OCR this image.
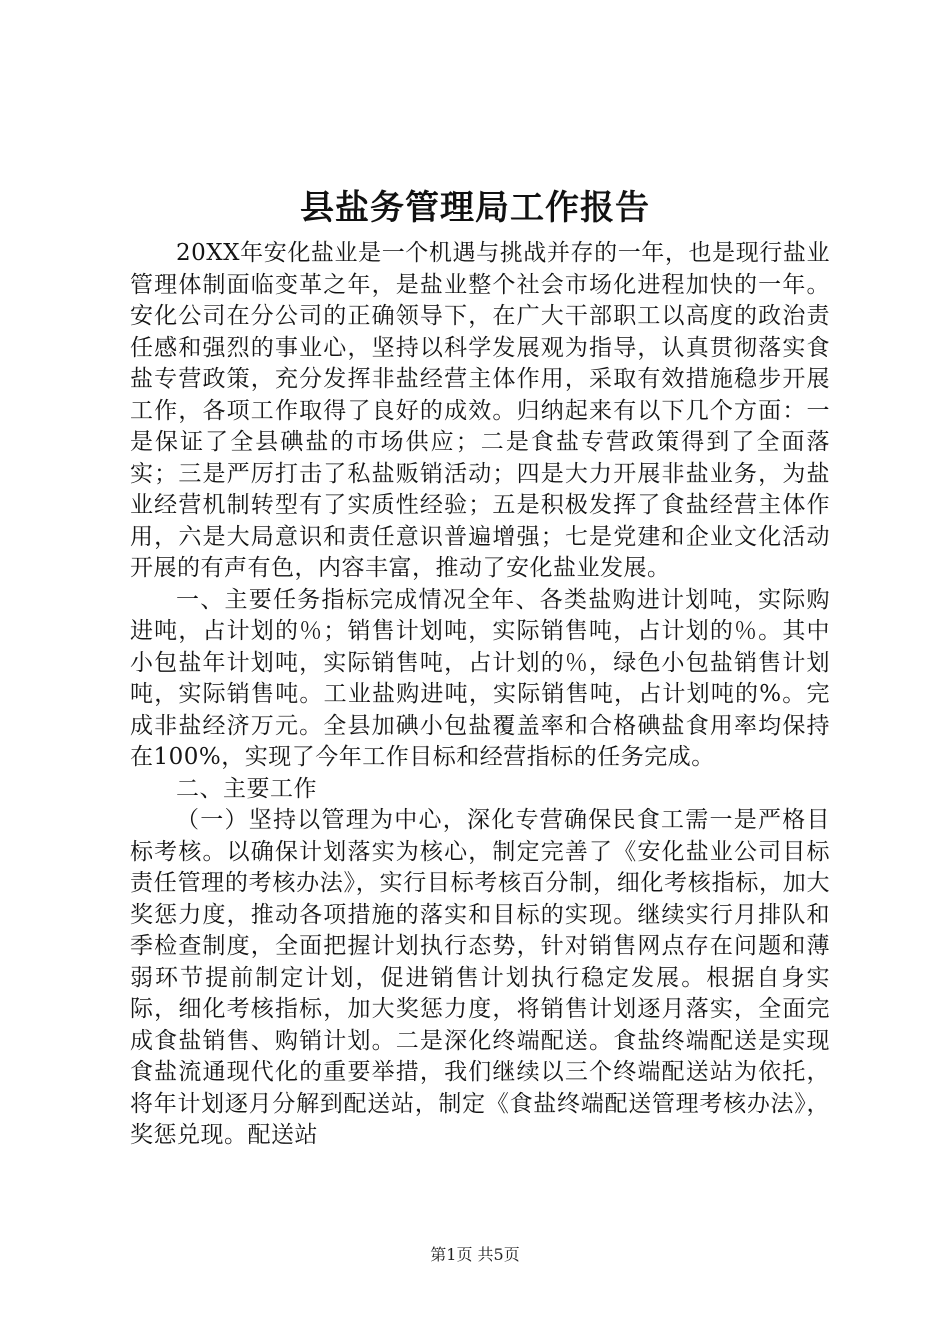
县盐务管理局工作报告

20XX年安化盐业是一个机遇与挑战并存的一年，也是现行盐业管理体制面临变革之年，是盐业整个社会市场化进程加快的一年。安化公司在分公司的正确领导下，在广大干部职工以高度的政治责任感和强烈的事业心，坚持以科学发展观为指导，认真贯彻落实食盐专营政策，充分发挥非盐经营主体作用，采取有效措施稳步开展工作，各项工作取得了良好的成效。归纳起来有以下几个方面：一是保证了全县碘盐的市场供应；二是食盐专营政策得到了全面落实；三是严厉打击了私盐贩销活动；四是大力开展非盐业务，为盐业经营机制转型有了实质性经验；五是积极发挥了食盐经营主体作用，六是大局意识和责任意识普遍增强；七是党建和企业文化活动开展的有声有色，内容丰富，推动了安化盐业发展。

一、主要任务指标完成情况全年、各类盐购进计划吨，实际购进吨，占计划的％；销售计划吨，实际销售吨，占计划的％。其中小包盐年计划吨，实际销售吨，占计划的％，绿色小包盐销售计划吨，实际销售吨。工业盐购进吨，实际销售吨，占计划吨的%。完成非盐经济万元。全县加碘小包盐覆盖率和合格碘盐食用率均保持在100%，实现了今年工作目标和经营指标的任务完成。

二、主要工作

（一）坚持以管理为中心，深化专营确保民食工需一是严格目标考核。以确保计划落实为核心，制定完善了《安化盐业公司目标责任管理的考核办法》，实行目标考核百分制，细化考核指标，加大奖惩力度，推动各项措施的落实和目标的实现。继续实行月排队和季检查制度，全面把握计划执行态势，针对销售网点存在问题和薄弱环节提前制定计划，促进销售计划执行稳定发展。根据自身实际，细化考核指标，加大奖惩力度，将销售计划逐月落实，全面完成食盐销售、购销计划。二是深化终端配送。食盐终端配送是实现食盐流通现代化的重要举措，我们继续以三个终端配送站为依托，将年计划逐月分解到配送站，制定《食盐终端配送管理考核办法》，奖惩兑现。配送站

第1页 共5页
